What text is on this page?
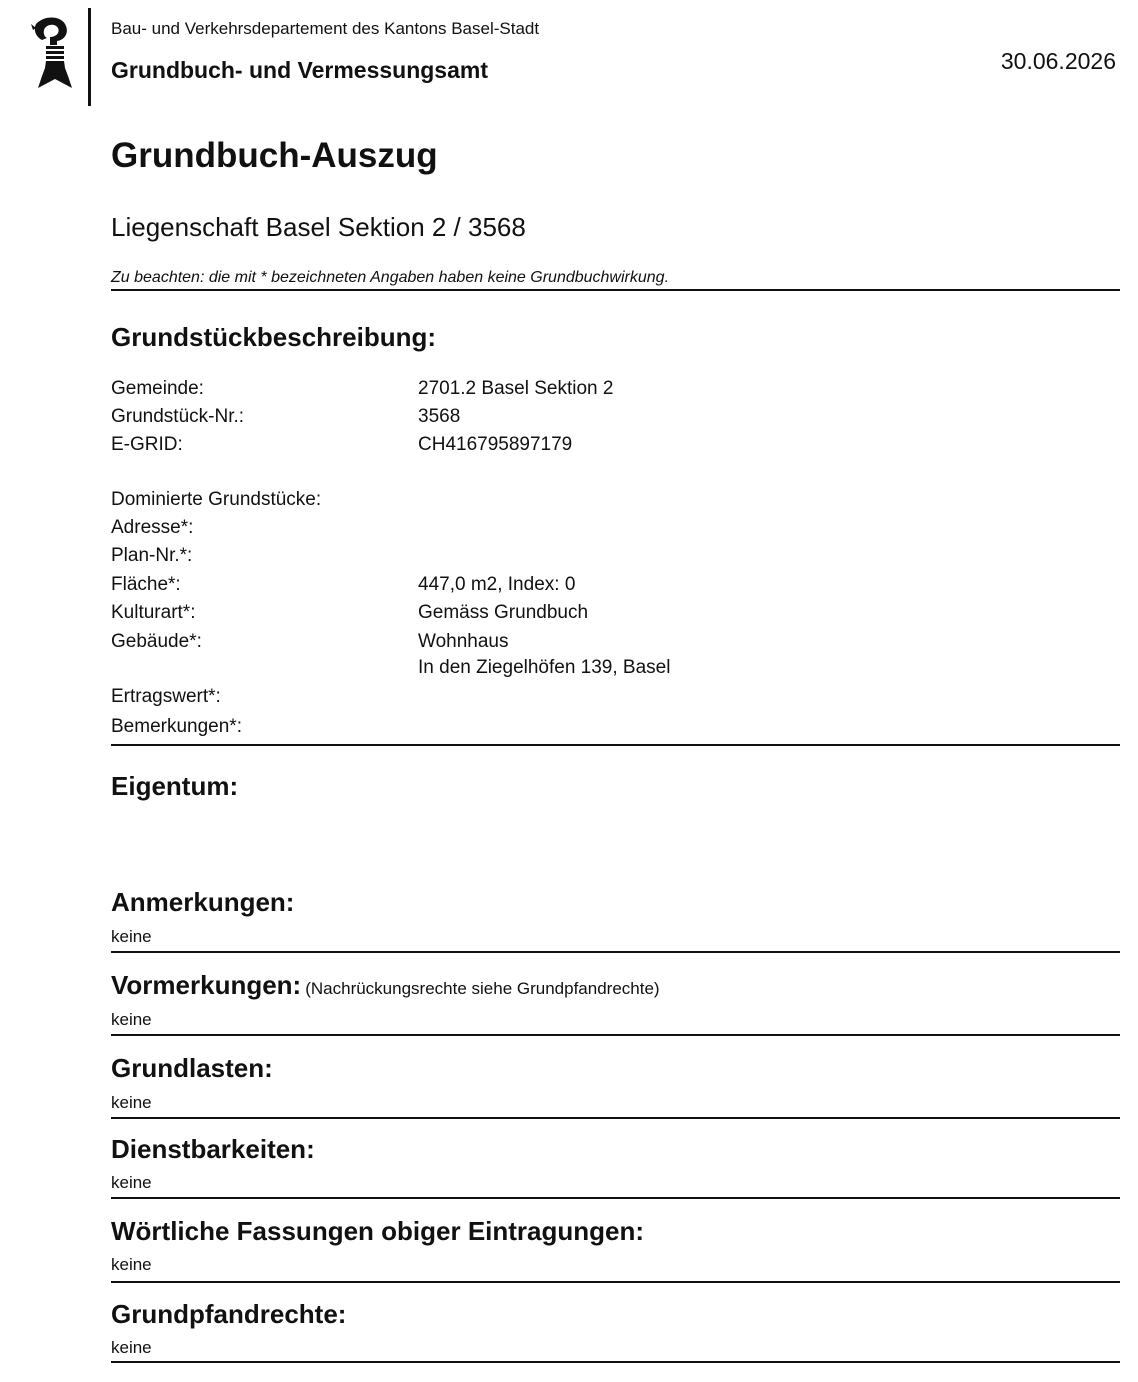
Bau- und Verkehrsdepartement des Kantons Basel-Stadt
Grundbuch- und Vermessungsamt	30.06.2026
Grundbuch-Auszug
Liegenschaft Basel Sektion 2 / 3568
Zu beachten: die mit * bezeichneten Angaben haben keine Grundbuchwirkung.
Grundstückbeschreibung:
Gemeinde:	2701.2 Basel Sektion 2
Grundstück-Nr.:	3568
E-GRID:	CH416795897179
Dominierte Grundstücke:
Adresse*:
Plan-Nr.*:
Fläche*:	447,0 m2, Index: 0
Kulturart*:	Gemäss Grundbuch
Gebäude*:	Wohnhaus
In den Ziegelhöfen 139, Basel
Ertragswert*:
Bemerkungen*:
Eigentum:
Anmerkungen:
keine
Vormerkungen: (Nachrückungsrechte siehe Grundpfandrechte)
keine
Grundlasten:
keine
Dienstbarkeiten:
keine
Wörtliche Fassungen obiger Eintragungen:
keine
Grundpfandrechte:
keine
